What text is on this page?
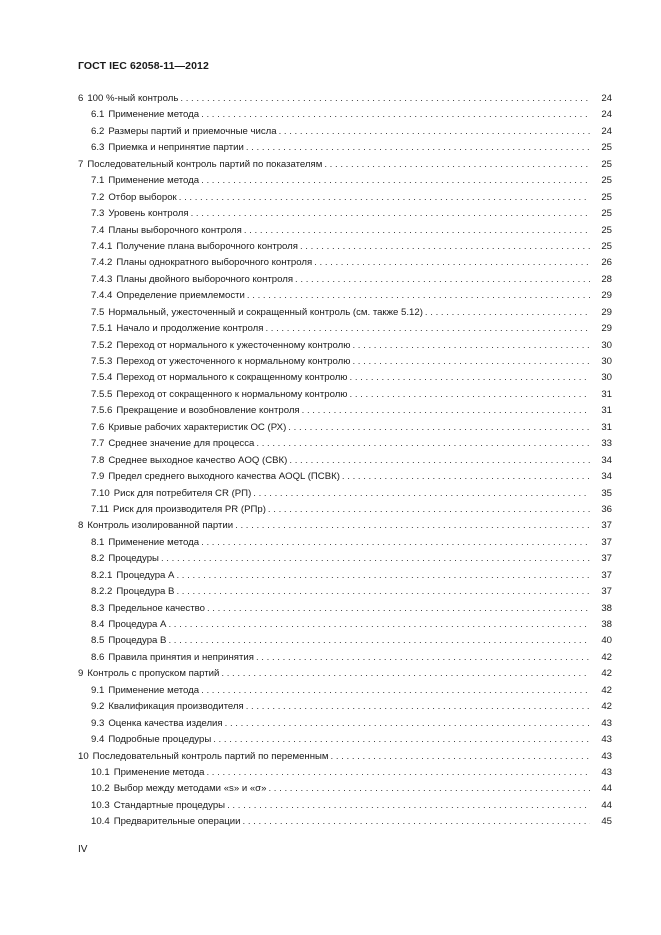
ГОСТ IEC 62058-11—2012
6 100 %-ный контроль . . .	24
6.1 Применение метода . . .	24
6.2 Размеры партий и приемочные числа . . .	24
6.3 Приемка и непринятие партии . . .	25
7 Последовательный контроль партий по показателям . . .	25
7.1 Применение метода . . .	25
7.2 Отбор выборок . . .	25
7.3 Уровень контроля . . .	25
7.4 Планы выборочного контроля . . .	25
7.4.1 Получение плана выборочного контроля . . .	25
7.4.2 Планы однократного выборочного контроля . . .	26
7.4.3 Планы двойного выборочного контроля . . .	28
7.4.4 Определение приемлемости . . .	29
7.5 Нормальный, ужесточенный и сокращенный контроль (см. также 5.12) . . .	29
7.5.1 Начало и продолжение контроля . . .	29
7.5.2 Переход от нормального к ужесточенному контролю . . .	30
7.5.3 Переход от ужесточенного к нормальному контролю . . .	30
7.5.4 Переход от нормального к сокращенному контролю . . .	30
7.5.5 Переход от сокращенного к нормальному контролю . . .	31
7.5.6 Прекращение и возобновление контроля . . .	31
7.6 Кривые рабочих характеристик ОС (РХ) . . .	31
7.7 Среднее значение для процесса . . .	33
7.8 Среднее выходное качество AOQ (СВК) . . .	34
7.9 Предел среднего выходного качества AOQL (ПСВК) . . .	34
7.10 Риск для потребителя CR (РП) . . .	35
7.11 Риск для производителя PR (РПр) . . .	36
8 Контроль изолированной партии . . .	37
8.1 Применение метода . . .	37
8.2 Процедуры . . .	37
8.2.1 Процедура А . . .	37
8.2.2 Процедура В . . .	37
8.3 Предельное качество . . .	38
8.4 Процедура А . . .	38
8.5 Процедура В . . .	40
8.6 Правила принятия и непринятия . . .	42
9 Контроль с пропуском партий . . .	42
9.1 Применение метода . . .	42
9.2 Квалификация производителя . . .	42
9.3 Оценка качества изделия . . .	43
9.4 Подробные процедуры . . .	43
10 Последовательный контроль партий по переменным . . .	43
10.1 Применение метода . . .	43
10.2 Выбор между методами «s» и «σ» . . .	44
10.3 Стандартные процедуры . . .	44
10.4 Предварительные операции . . .	45
IV
